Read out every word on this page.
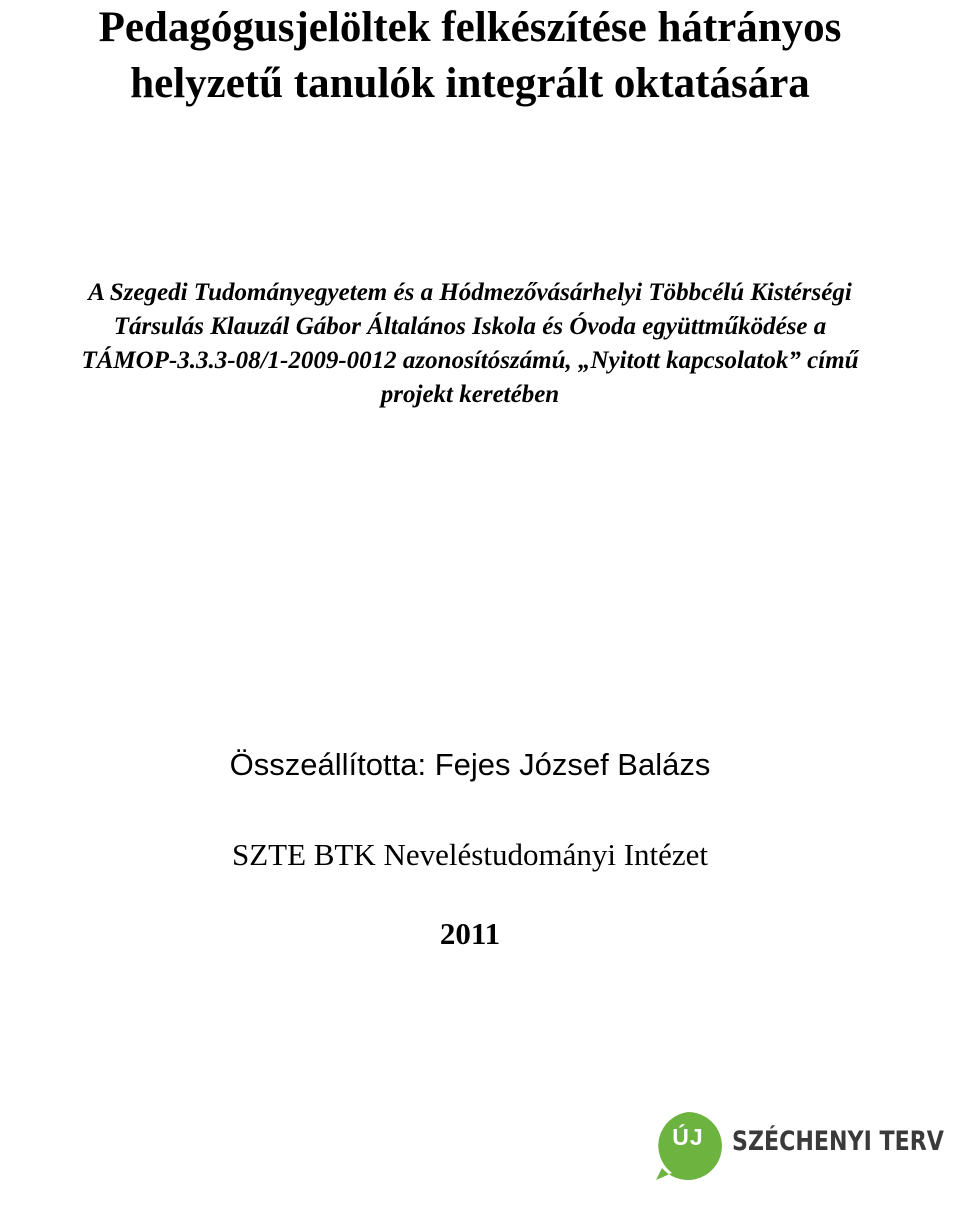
Pedagógusjelöltek felkészítése hátrányos
helyzetű tanulók integrált oktatására

A Szegedi Tudományegyetem és a Hódmezővásárhelyi Többcélú Kistérségi
Társulás Klauzál Gábor Általános Iskola és Óvoda együttműködése a
TÁMOP-3.3.3-08/1-2009-0012 azonosítószámú, „Nyitott kapcsolatok” című
projekt keretében

Összeállította: Fejes József Balázs
SZTE BTK Neveléstudományi Intézet
2011
ÚJ	SZÉCHENYI TERV
